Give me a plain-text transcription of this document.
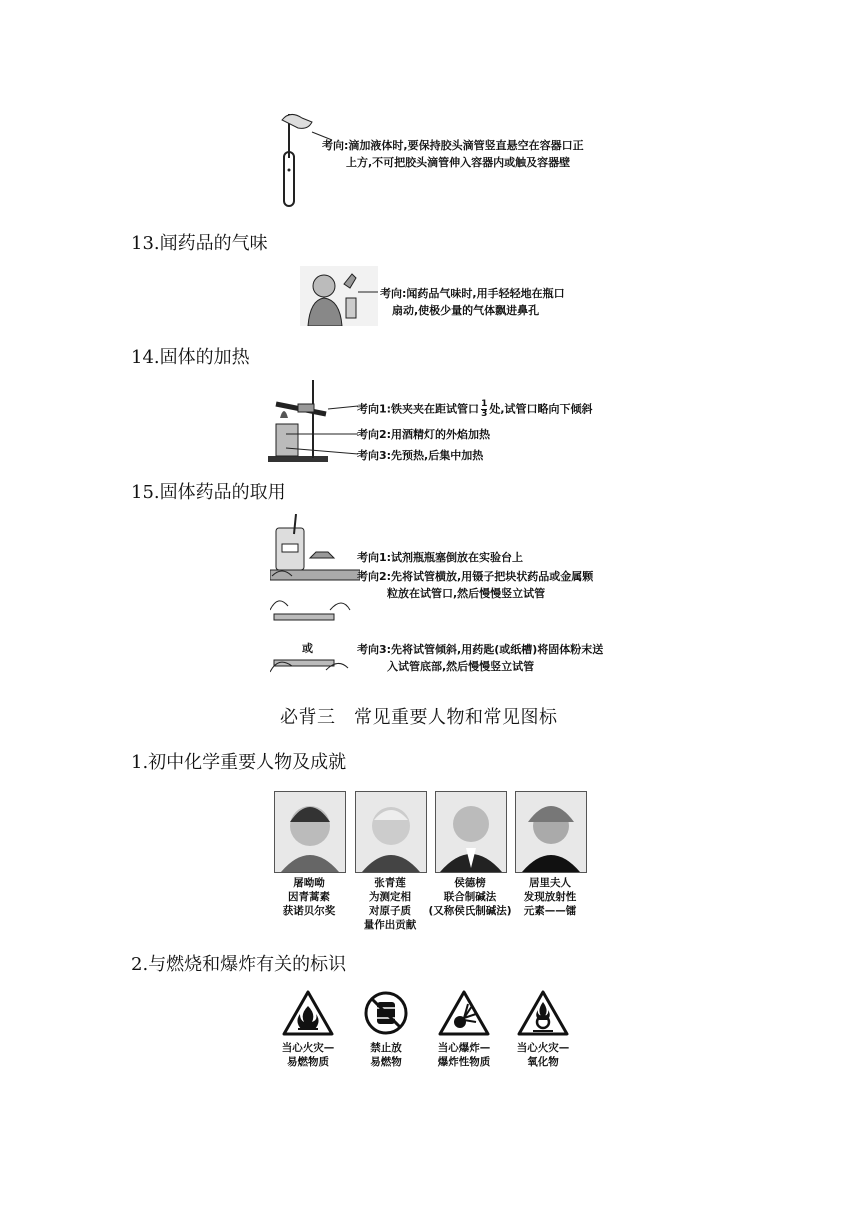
考向:滴加液体时,要保持胶头滴管竖直悬空在容器口正
上方,不可把胶头滴管伸入容器内或触及容器壁
13.闻药品的气味
考向:闻药品气味时,用手轻轻地在瓶口
扇动,使极少量的气体飘进鼻孔
14.固体的加热
考向1:铁夹夹在距试管口 $\frac{1}{3}$ 处,试管口略向下倾斜
考向2:用酒精灯的外焰加热
考向3:先预热,后集中加热
15.固体药品的取用
考向1:试剂瓶瓶塞倒放在实验台上
考向2:先将试管横放,用镊子把块状药品或金属颗
粒放在试管口,然后慢慢竖立试管
或	考向3:先将试管倾斜,用药匙(或纸槽)将固体粉末送
入试管底部,然后慢慢竖立试管
必背三　常见重要人物和常见图标
1.初中化学重要人物及成就
屠呦呦
因青蒿素
获诺贝尔奖
张青莲
为测定相
对原子质
量作出贡献
侯德榜
联合制碱法
(又称侯氏制碱法)
居里夫人
发现放射性
元素——镭
2.与燃烧和爆炸有关的标识
当心火灾—
易燃物质
禁止放
易燃物
当心爆炸—
爆炸性物质
当心火灾—
氧化物
